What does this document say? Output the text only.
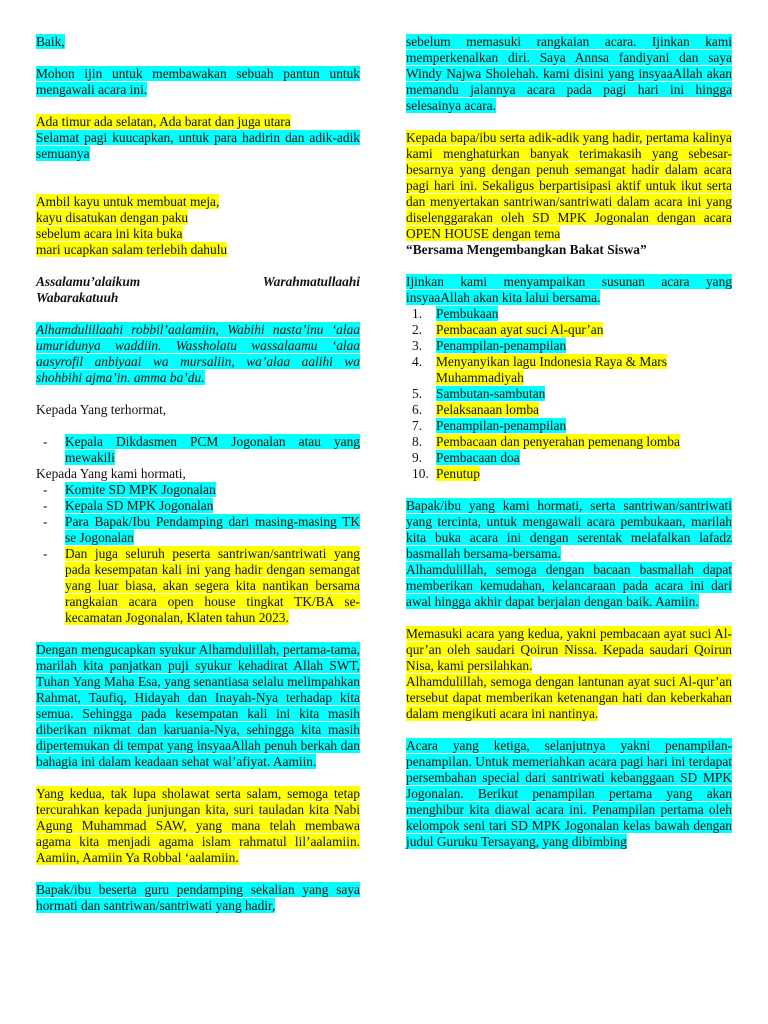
Baik,

Mohon ijin untuk membawakan sebuah pantun untuk mengawali acara ini.

Ada timur ada selatan, Ada barat dan juga utara
Selamat pagi kuucapkan, untuk para hadirin dan adik-adik semuanya

Ambil kayu untuk membuat meja,
kayu disatukan dengan paku
sebelum acara ini kita buka
mari ucapkan salam terlebih dahulu

Assalamu’alaikum	Warahmatullaahi

Wabarakatuuh

Alhamdulillaahi robbil’aalamiin, Wabihi nasta’inu ‘alaa umuridunya waddiin. Wassholatu wassalaamu ‘alaa aasyrofil anbiyaai wa mursaliin, wa’alaa aalihi wa shohbihi ajma’in. amma ba’du.

Kepada Yang terhormat,

- Kepala Dikdasmen PCM Jogonalan atau yang mewakili

Kepada Yang kami hormati,

- Komite SD MPK Jogonalan
- Kepala SD MPK Jogonalan
- Para Bapak/Ibu Pendamping dari masing-masing TK se Jogonalan
- Dan juga seluruh peserta santriwan/santriwati yang pada kesempatan kali ini yang hadir dengan semangat yang luar biasa, akan segera kita nantikan bersama rangkaian acara open house tingkat TK/BA se-kecamatan Jogonalan, Klaten tahun 2023.

Dengan mengucapkan syukur Alhamdulillah, pertama-tama, marilah kita panjatkan puji syukur kehadirat Allah SWT, Tuhan Yang Maha Esa, yang senantiasa selalu melimpahkan Rahmat, Taufiq, Hidayah dan Inayah-Nya terhadap kita semua. Sehingga pada kesempatan kali ini kita masih diberikan nikmat dan karuania-Nya, sehingga kita masih dipertemukan di tempat yang insyaaAllah penuh berkah dan bahagia ini dalam keadaan sehat wal’afiyat. Aamiin.

Yang kedua, tak lupa sholawat serta salam, semoga tetap tercurahkan kepada junjungan kita, suri tauladan kita Nabi Agung Muhammad SAW, yang mana telah membawa agama kita menjadi agama islam rahmatul lil’aalamiin. Aamiin, Aamiin Ya Robbal ‘aalamiin.

Bapak/ibu beserta guru pendamping sekalian yang saya hormati dan santriwan/santriwati yang hadir,

sebelum memasuki rangkaian acara. Ijinkan kami memperkenalkan diri. Saya Annsa fandiyani dan saya Windy Najwa Sholehah. kami disini yang insyaaAllah akan memandu jalannya acara pada pagi hari ini hingga selesainya acara.

Kepada bapa/ibu serta adik-adik yang hadir, pertama kalinya kami menghaturkan banyak terimakasih yang sebesar-besarnya yang dengan penuh semangat hadir dalam acara pagi hari ini. Sekaligus berpartisipasi aktif untuk ikut serta dan menyertakan santriwan/santriwati dalam acara ini yang diselenggarakan oleh SD MPK Jogonalan dengan acara OPEN HOUSE dengan tema

“Bersama Mengembangkan Bakat Siswa”

Ijinkan kami menyampaikan susunan acara yang insyaaAllah akan kita lalui bersama.

1. Pembukaan
2. Pembacaan ayat suci Al-qur’an
3. Penampilan-penampilan
4. Menyanyikan lagu Indonesia Raya & Mars Muhammadiyah
5. Sambutan-sambutan
6. Pelaksanaan lomba
7. Penampilan-penampilan
8. Pembacaan dan penyerahan pemenang lomba
9. Pembacaan doa
10. Penutup

Bapak/ibu yang kami hormati, serta santriwan/santriwati yang tercinta, untuk mengawali acara pembukaan, marilah kita buka acara ini dengan serentak melafalkan lafadz basmallah bersama-bersama.

Alhamdulillah, semoga dengan bacaan basmallah dapat memberikan kemudahan, kelancaraan pada acara ini dari awal hingga akhir dapat berjalan dengan baik. Aamiin.

Memasuki acara yang kedua, yakni pembacaan ayat suci Al-qur’an oleh saudari Qoirun Nissa. Kepada saudari Qoirun Nisa, kami persilahkan.

Alhamdulillah, semoga dengan lantunan ayat suci Al-qur’an tersebut dapat memberikan ketenangan hati dan keberkahan dalam mengikuti acara ini nantinya.

Acara yang ketiga, selanjutnya yakni penampilan-penampilan. Untuk memeriahkan acara pagi hari ini terdapat persembahan special dari santriwati kebanggaan SD MPK Jogonalan. Berikut penampilan pertama yang akan menghibur kita diawal acara ini. Penampilan pertama oleh kelompok seni tari SD MPK Jogonalan kelas bawah dengan judul Guruku Tersayang, yang dibimbing
